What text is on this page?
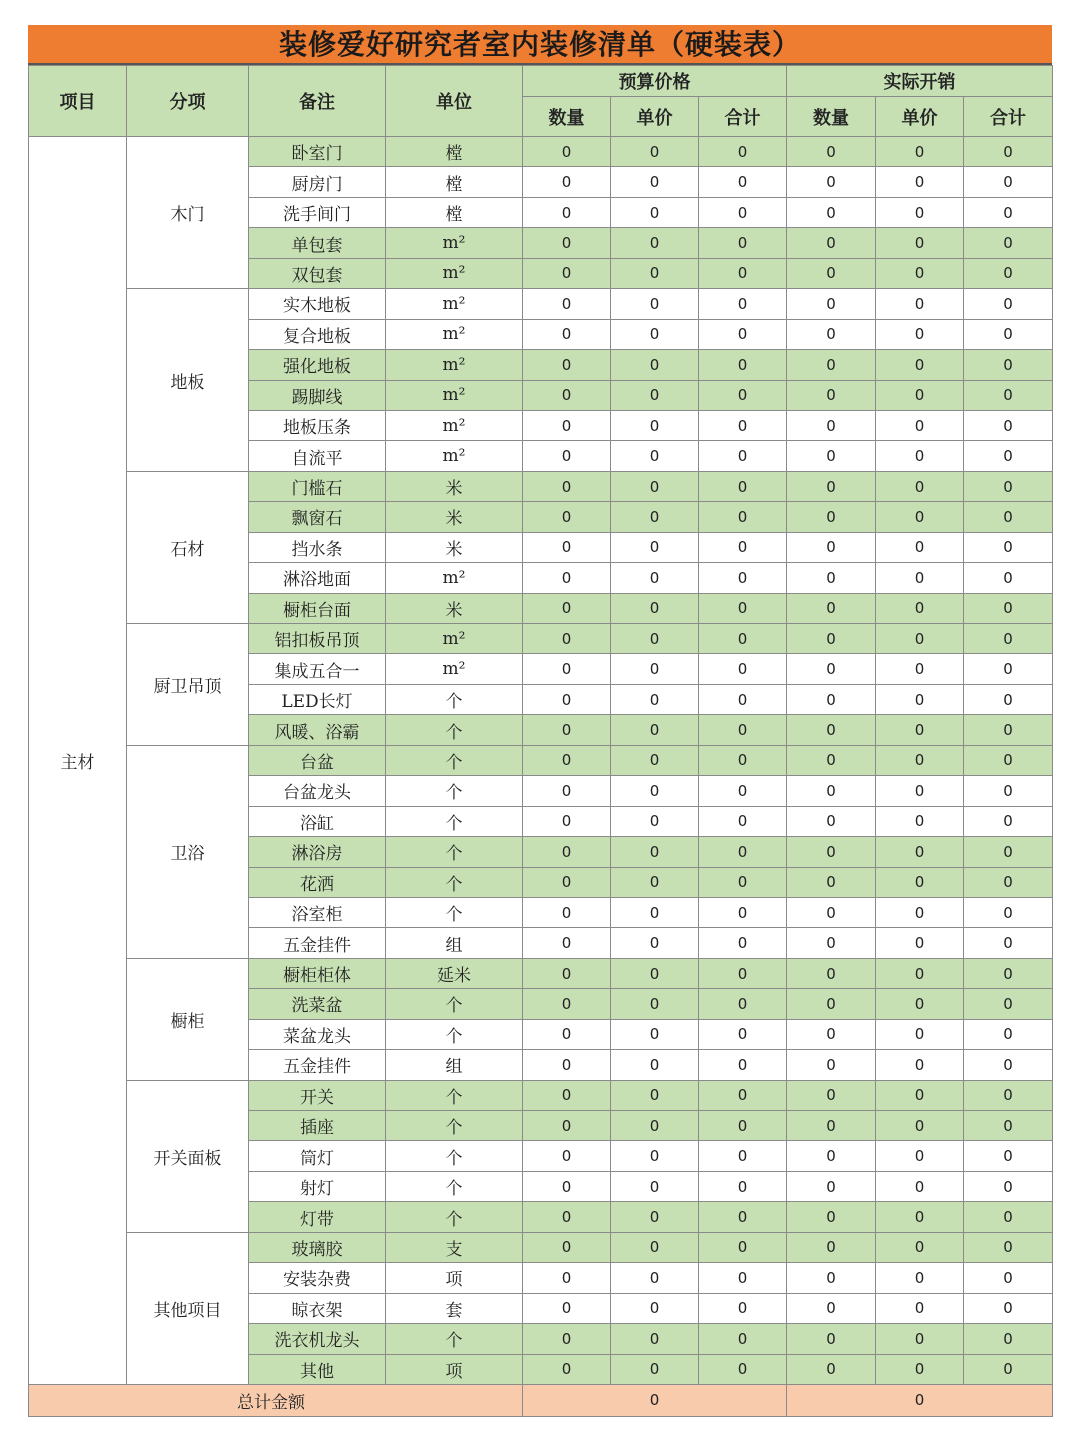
装修爱好研究者室内装修清单（硬装表）
项目	分项	备注	单位	预算价格			实际开销		
				数量	单价	合计	数量	单价	合计
主材	木门	卧室门	樘	0	0	0	0	0	0
		厨房门	樘	0	0	0	0	0	0
		洗手间门	樘	0	0	0	0	0	0
		单包套	m²	0	0	0	0	0	0
		双包套	m²	0	0	0	0	0	0
	地板	实木地板	m²	0	0	0	0	0	0
		复合地板	m²	0	0	0	0	0	0
		强化地板	m²	0	0	0	0	0	0
		踢脚线	m²	0	0	0	0	0	0
		地板压条	m²	0	0	0	0	0	0
		自流平	m²	0	0	0	0	0	0
	石材	门槛石	米	0	0	0	0	0	0
		飘窗石	米	0	0	0	0	0	0
		挡水条	米	0	0	0	0	0	0
		淋浴地面	m²	0	0	0	0	0	0
		橱柜台面	米	0	0	0	0	0	0
	厨卫吊顶	铝扣板吊顶	m²	0	0	0	0	0	0
		集成五合一	m²	0	0	0	0	0	0
		LED长灯	个	0	0	0	0	0	0
		风暖、浴霸	个	0	0	0	0	0	0
	卫浴	台盆	个	0	0	0	0	0	0
		台盆龙头	个	0	0	0	0	0	0
		浴缸	个	0	0	0	0	0	0
		淋浴房	个	0	0	0	0	0	0
		花洒	个	0	0	0	0	0	0
		浴室柜	个	0	0	0	0	0	0
		五金挂件	组	0	0	0	0	0	0
	橱柜	橱柜柜体	延米	0	0	0	0	0	0
		洗菜盆	个	0	0	0	0	0	0
		菜盆龙头	个	0	0	0	0	0	0
		五金挂件	组	0	0	0	0	0	0
	开关面板	开关	个	0	0	0	0	0	0
		插座	个	0	0	0	0	0	0
		筒灯	个	0	0	0	0	0	0
		射灯	个	0	0	0	0	0	0
		灯带	个	0	0	0	0	0	0
	其他项目	玻璃胶	支	0	0	0	0	0	0
		安装杂费	项	0	0	0	0	0	0
		晾衣架	套	0	0	0	0	0	0
		洗衣机龙头	个	0	0	0	0	0	0
		其他	项	0	0	0	0	0	0
总计金额				0			0		
